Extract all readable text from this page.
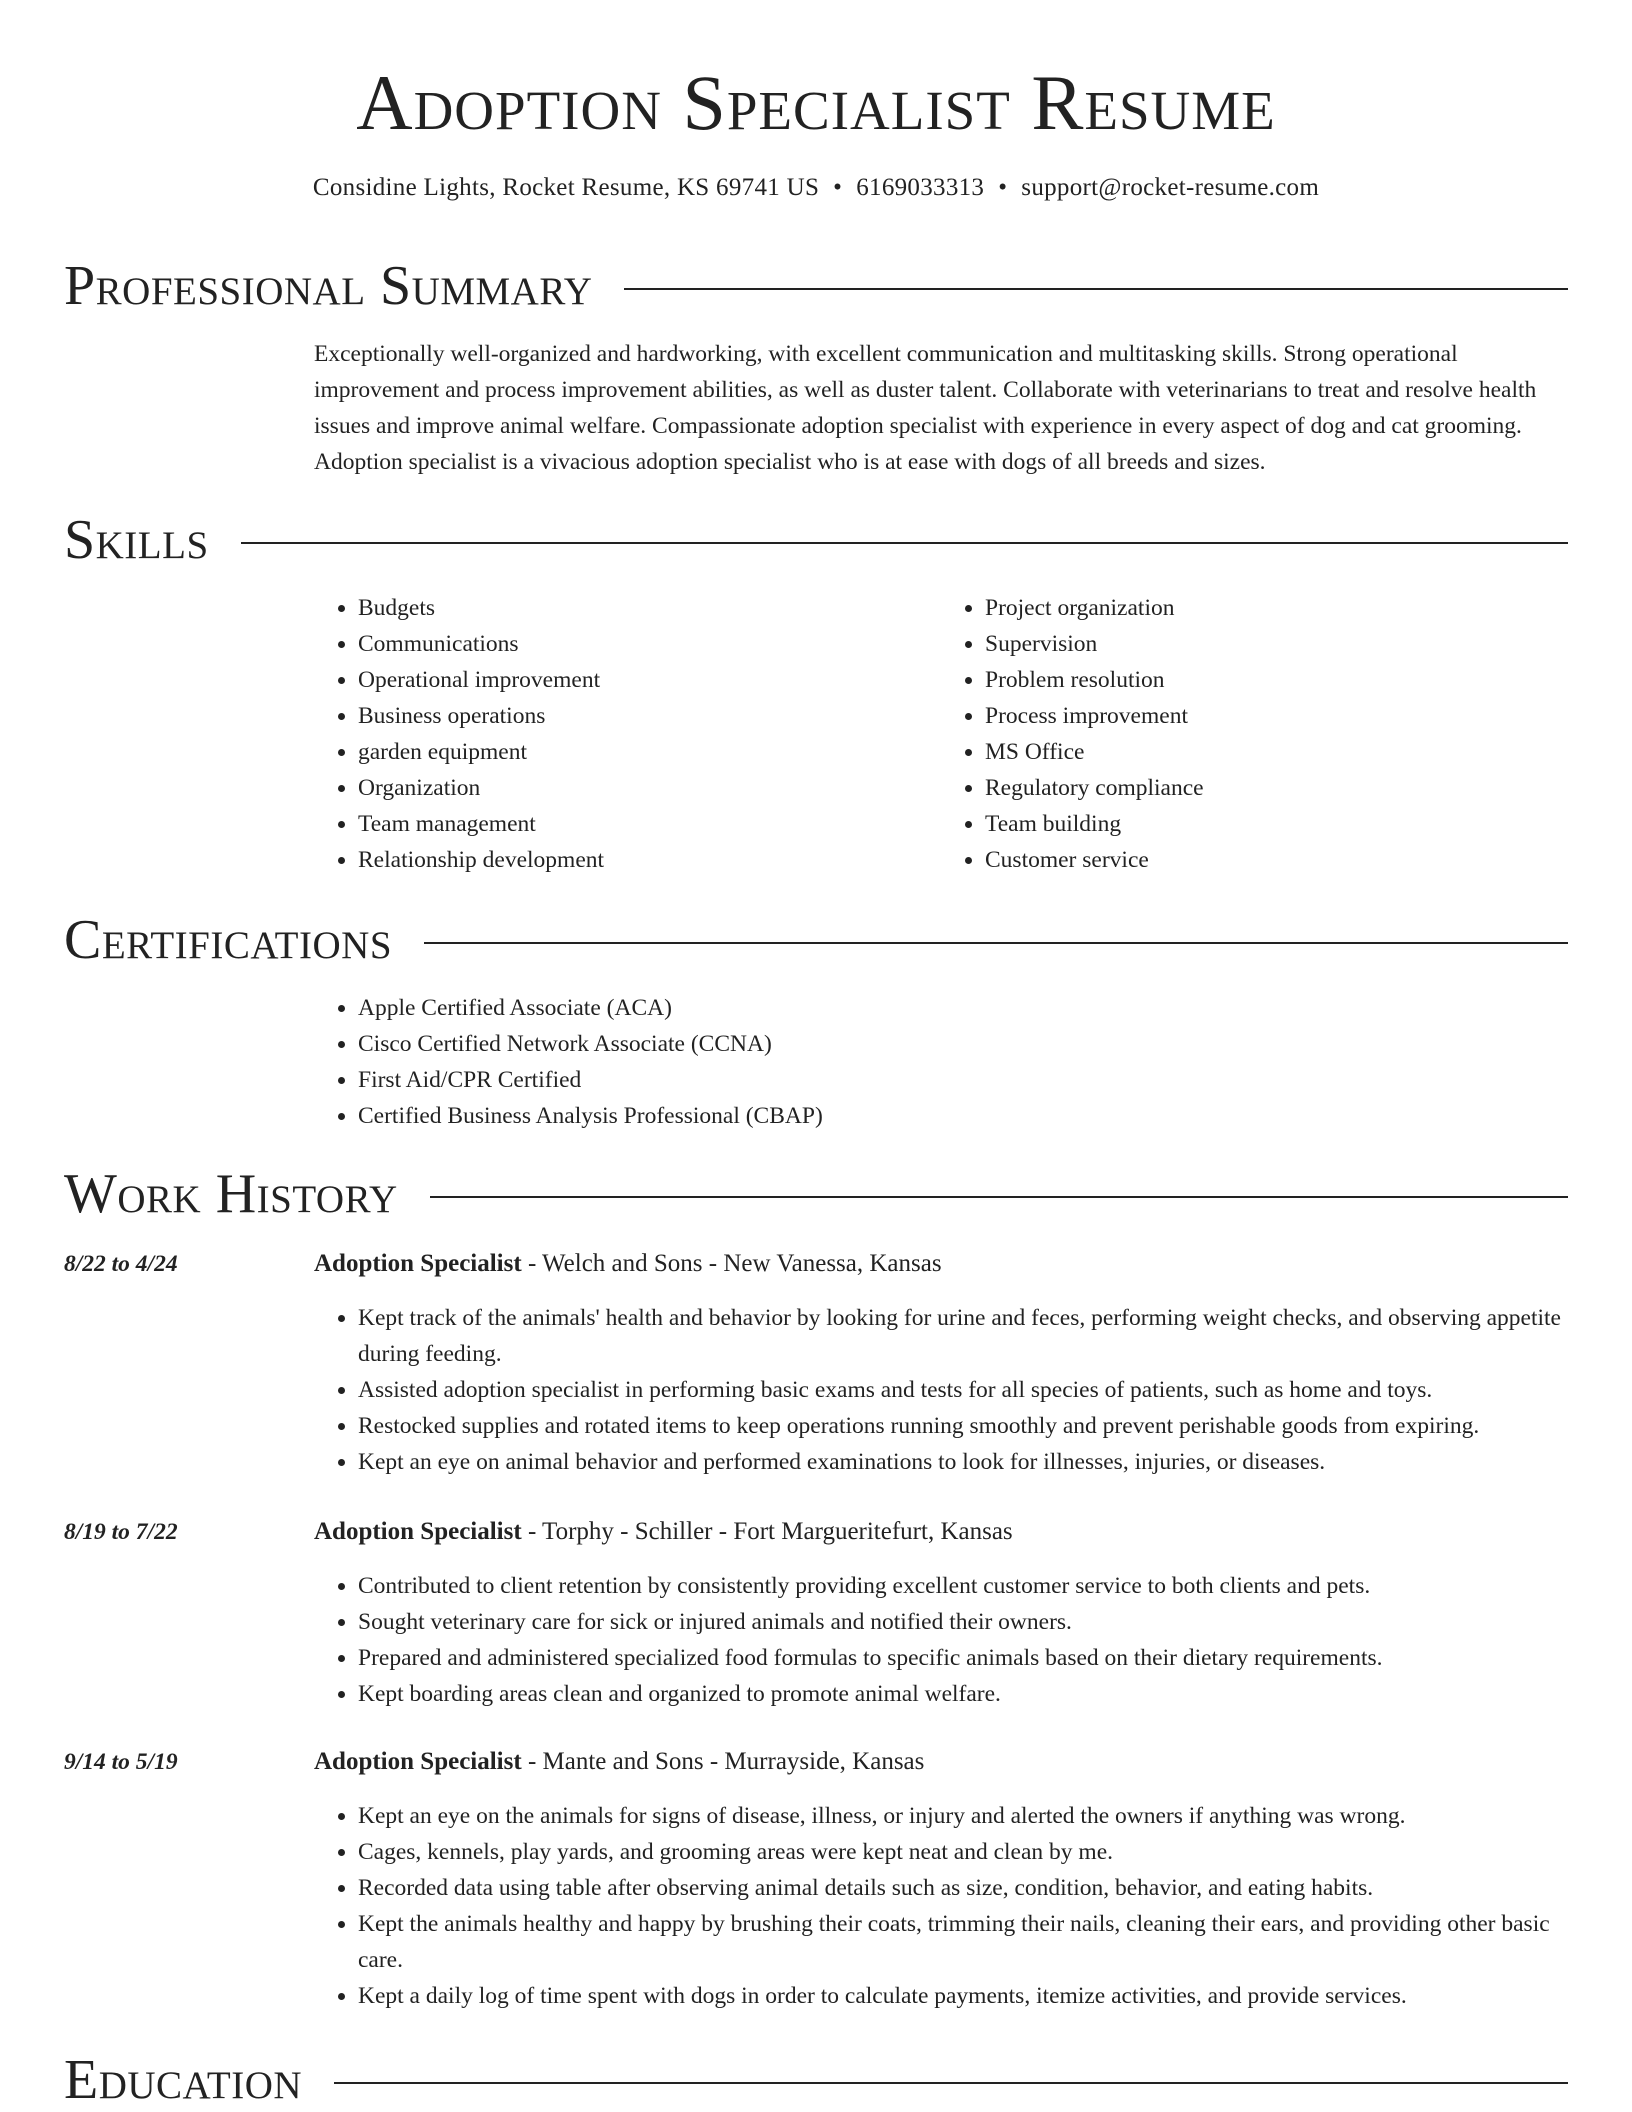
Adoption Specialist Resume
Considine Lights, Rocket Resume, KS 69741 US • 6169033313 • support@rocket-resume.com
Professional Summary

Exceptionally well-organized and hardworking, with excellent communication and multitasking skills. Strong operational improvement and process improvement abilities, as well as duster talent. Collaborate with veterinarians to treat and resolve health issues and improve animal welfare. Compassionate adoption specialist with experience in every aspect of dog and cat grooming. Adoption specialist is a vivacious adoption specialist who is at ease with dogs of all breeds and sizes.

Skills
• Budgets
• Communications
• Operational improvement
• Business operations
• garden equipment
• Organization
• Team management
• Relationship development
• Project organization
• Supervision
• Problem resolution
• Process improvement
• MS Office
• Regulatory compliance
• Team building
• Customer service
Certifications
• Apple Certified Associate (ACA)
• Cisco Certified Network Associate (CCNA)
• First Aid/CPR Certified
• Certified Business Analysis Professional (CBAP)
Work History
8/22 to 4/24	Adoption Specialist - Welch and Sons - New Vanessa, Kansas
• Kept track of the animals' health and behavior by looking for urine and feces, performing weight checks, and observing appetite during feeding.
• Assisted adoption specialist in performing basic exams and tests for all species of patients, such as home and toys.
• Restocked supplies and rotated items to keep operations running smoothly and prevent perishable goods from expiring.
• Kept an eye on animal behavior and performed examinations to look for illnesses, injuries, or diseases.
8/19 to 7/22	Adoption Specialist - Torphy - Schiller - Fort Margueritefurt, Kansas
• Contributed to client retention by consistently providing excellent customer service to both clients and pets.
• Sought veterinary care for sick or injured animals and notified their owners.
• Prepared and administered specialized food formulas to specific animals based on their dietary requirements.
• Kept boarding areas clean and organized to promote animal welfare.
9/14 to 5/19	Adoption Specialist - Mante and Sons - Murrayside, Kansas
• Kept an eye on the animals for signs of disease, illness, or injury and alerted the owners if anything was wrong.
• Cages, kennels, play yards, and grooming areas were kept neat and clean by me.
• Recorded data using table after observing animal details such as size, condition, behavior, and eating habits.
• Kept the animals healthy and happy by brushing their coats, trimming their nails, cleaning their ears, and providing other basic care.
• Kept a daily log of time spent with dogs in order to calculate payments, itemize activities, and provide services.
Education
